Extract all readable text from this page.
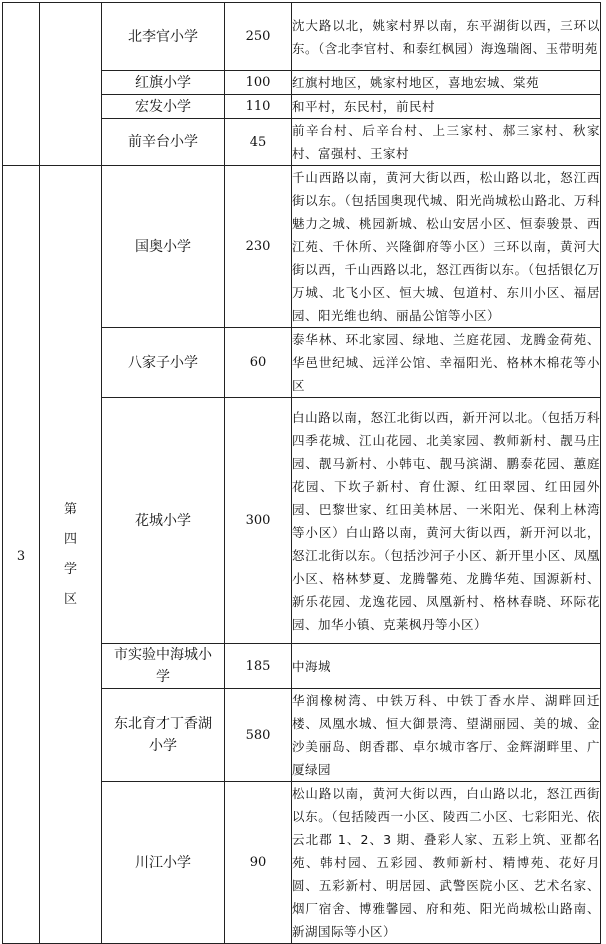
		北李官小学	250	沈大路以北，姚家村界以南，东平湖街以西，三环以东。（含北李官村、和泰红枫园）海逸瑞阁、玉带明苑

		红旗小学	100	红旗村地区，姚家村地区，喜地宏城、棠苑

		宏发小学	110	和平村，东民村，前民村

		前辛台小学	45	前辛台村、后辛台村、上三家村、郝三家村、秋家村、富强村、王家村

3	第四学区	国奥小学	230	千山西路以南，黄河大街以西，松山路以北，怒江西街以东。（包括国奥现代城、阳光尚城松山路北、万科魅力之城、桃园新城、松山安居小区、恒泰骏景、西江苑、千休所、兴隆御府等小区）三环以南，黄河大街以西，千山西路以北，怒江西街以东。（包括银亿万万城、北飞小区、恒大城、包道村、东川小区、福居园、阳光维也纳、丽晶公馆等小区）

		八家子小学	60	泰华林、环北家园、绿地、兰庭花园、龙腾金荷苑、华邑世纪城、远洋公馆、幸福阳光、格林木棉花等小区

		花城小学	300	白山路以南，怒江北街以西，新开河以北。（包括万科四季花城、江山花园、北美家园、教师新村、靓马庄园、靓马新村、小韩屯、靓马滨湖、鹏泰花园、蕙庭花园、下坎子新村、育仕源、红田翠园、红田园外园、巴黎世家、红田美林居、一米阳光、保利上林湾等小区）白山路以南，黄河大街以西，新开河以北，怒江北街以东。（包括沙河子小区、新开里小区、凤凰小区、格林梦夏、龙腾馨苑、龙腾华苑、国源新村、新乐花园、龙逸花园、凤凰新村、格林春晓、环际花园、加华小镇、克莱枫丹等小区）

		市实验中海城小学	185	中海城

		东北育才丁香湖小学	580	华润橡树湾、中铁万科、中铁丁香水岸、湖畔回迁楼、凤凰水城、恒大御景湾、望湖丽园、美的城、金沙美丽岛、朗香郡、卓尔城市客厅、金辉湖畔里、广厦绿园

		川江小学	90	松山路以南，黄河大街以西，白山路以北，怒江西街以东。（包括陵西一小区、陵西二小区、七彩阳光、依云北郡 1、2、3 期、叠彩人家、五彩上筑、亚都名苑、韩村园、五彩园、教师新村、精博苑、花好月圆、五彩新村、明居园、武警医院小区、艺术名家、烟厂宿舍、博雅馨园、府和苑、阳光尚城松山路南、新湖国际等小区）
